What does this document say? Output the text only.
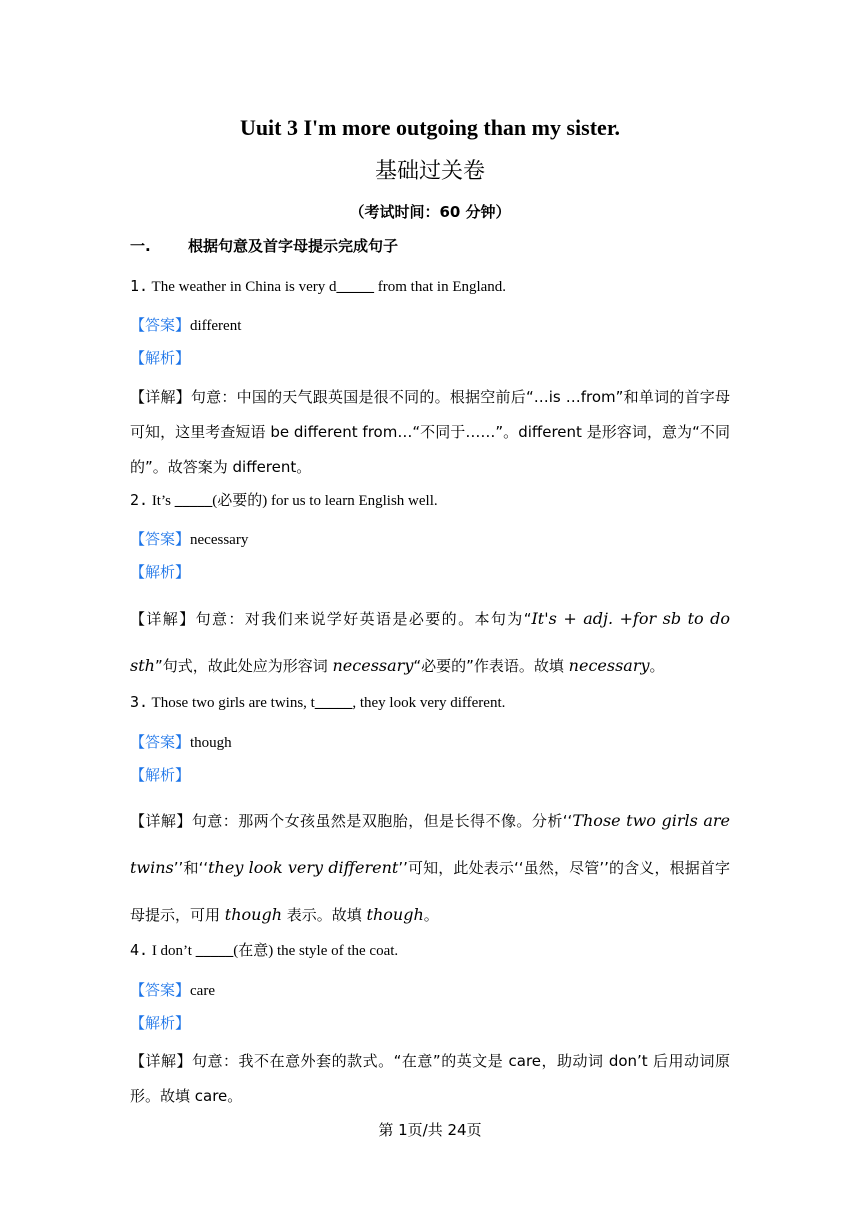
Uuit 3 I'm more outgoing than my sister.
基础过关卷
（考试时间：60 分钟）
一. 根据句意及首字母提示完成句子
1. The weather in China is very d_____ from that in England.
【答案】different
【解析】
【详解】句意：中国的天气跟英国是很不同的。根据空前后“…is …from”和单词的首字母可知，这里考查短语 be different from…“不同于……”。different 是形容词，意为“不同的”。故答案为 different。
2. It’s _____(必要的) for us to learn English well.
【答案】necessary
【解析】
【详解】句意：对我们来说学好英语是必要的。本句为“It's + adj. +for sb to do sth”句式，故此处应为形容词 necessary“必要的”作表语。故填 necessary。
3. Those two girls are twins, t_____, they look very different.
【答案】though
【解析】
【详解】句意：那两个女孩虽然是双胞胎，但是长得不像。分析‘‘Those two girls are twins’’和‘‘they look very different’’可知，此处表示‘‘虽然，尽管’’的含义，根据首字母提示，可用 though 表示。故填 though。
4. I don’t _____(在意) the style of the coat.
【答案】care
【解析】
【详解】句意：我不在意外套的款式。“在意”的英文是 care，助动词 don’t 后用动词原形。故填 care。
第 1页/共 24页
